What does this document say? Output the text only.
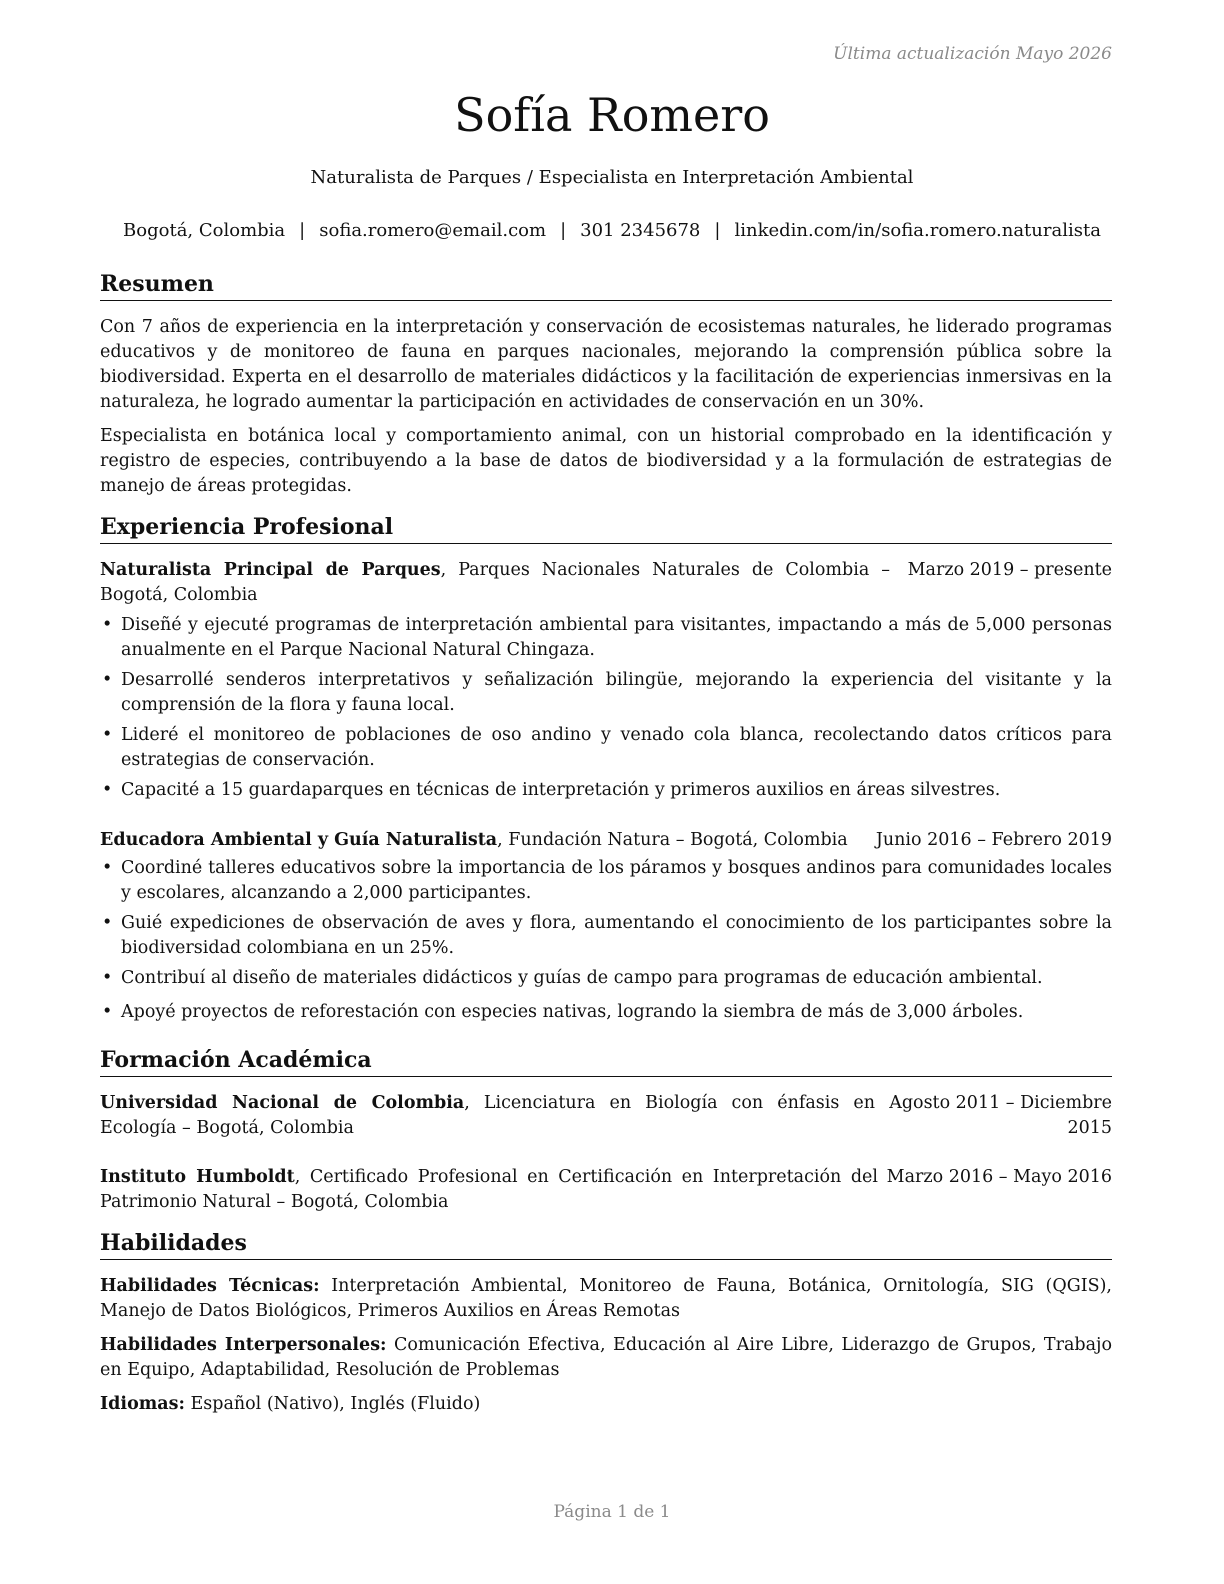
Última actualización Mayo 2026
Sofía Romero
Naturalista de Parques / Especialista en Interpretación Ambiental
Bogotá, Colombia | sofia.romero@email.com | 301 2345678 | linkedin.com/in/sofia.romero.naturalista
Resumen

Con 7 años de experiencia en la interpretación y conservación de ecosistemas naturales, he liderado programas educativos y de monitoreo de fauna en parques nacionales, mejorando la comprensión pública sobre la biodiversidad. Experta en el desarrollo de materiales didácticos y la facilitación de experiencias inmersivas en la naturaleza, he logrado aumentar la participación en actividades de conservación en un 30%.

Especialista en botánica local y comportamiento animal, con un historial comprobado en la identificación y registro de especies, contribuyendo a la base de datos de biodiversidad y a la formulación de estrategias de manejo de áreas protegidas.

Experiencia Profesional
Naturalista Principal de Parques, Parques Nacionales Naturales de Colombia – Bogotá, Colombia
Marzo 2019 – presente
• Diseñé y ejecuté programas de interpretación ambiental para visitantes, impactando a más de 5,000 personas anualmente en el Parque Nacional Natural Chingaza.
• Desarrollé senderos interpretativos y señalización bilingüe, mejorando la experiencia del visitante y la comprensión de la flora y fauna local.
• Lideré el monitoreo de poblaciones de oso andino y venado cola blanca, recolectando datos críticos para estrategias de conservación.
• Capacité a 15 guardaparques en técnicas de interpretación y primeros auxilios en áreas silvestres.
Educadora Ambiental y Guía Naturalista, Fundación Natura – Bogotá, Colombia	Junio 2016 – Febrero 2019
• Coordiné talleres educativos sobre la importancia de los páramos y bosques andinos para comunidades locales y escolares, alcanzando a 2,000 participantes.
• Guié expediciones de observación de aves y flora, aumentando el conocimiento de los participantes sobre la biodiversidad colombiana en un 25%.
• Contribuí al diseño de materiales didácticos y guías de campo para programas de educación ambiental.
• Apoyé proyectos de reforestación con especies nativas, logrando la siembra de más de 3,000 árboles.
Formación Académica
Universidad Nacional de Colombia, Licenciatura en Biología con énfasis en Ecología – Bogotá, Colombia
Agosto 2011 – Diciembre 2015
Instituto Humboldt, Certificado Profesional en Certificación en Interpretación del Patrimonio Natural – Bogotá, Colombia
Marzo 2016 – Mayo 2016
Habilidades
Habilidades Técnicas: Interpretación Ambiental, Monitoreo de Fauna, Botánica, Ornitología, SIG (QGIS), Manejo de Datos Biológicos, Primeros Auxilios en Áreas Remotas
Habilidades Interpersonales: Comunicación Efectiva, Educación al Aire Libre, Liderazgo de Grupos, Trabajo en Equipo, Adaptabilidad, Resolución de Problemas
Idiomas: Español (Nativo), Inglés (Fluido)
Página 1 de 1
